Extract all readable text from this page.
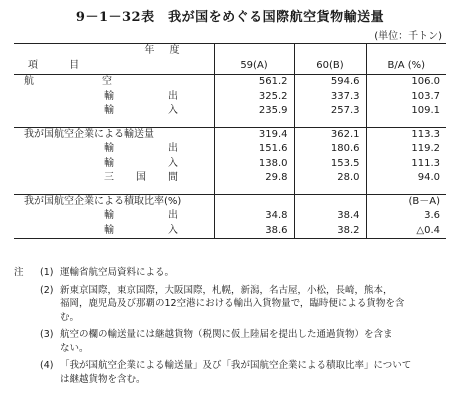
9－1－32表　我が国をめぐる国際航空貨物輸送量
(単位：千トン)
年 度			
項 目	59(A)	60(B)	B/A (%)
航　　空	561.2	594.6	106.0
輸　出	325.2	337.3	103.7
輸　入	235.9	257.3	109.1

我が国航空企業による輸送量	319.4	362.1	113.3
輸　出	151.6	180.6	119.2
輸　入	138.0	153.5	111.3
三国間	29.8	28.0	94.0

我が国航空企業による積取比率(%)			(B－A)
輸　出	34.8	38.4	3.6
輸　入	38.6	38.2	△0.4
注 (1) 運輸省航空局資料による。
(2) 新東京国際，東京国際，大阪国際，札幌，新潟，名古屋，小松，長崎，熊本，
福岡，鹿児島及び那覇の12空港における輸出入貨物量で，臨時便による貨物を含
む。
(3) 航空の欄の輸送量には継越貨物（税関に仮上陸届を提出した通過貨物）を含ま
ない。
(4) 「我が国航空企業による輸送量」及び「我が国航空企業による積取比率」について
は継越貨物を含む。
